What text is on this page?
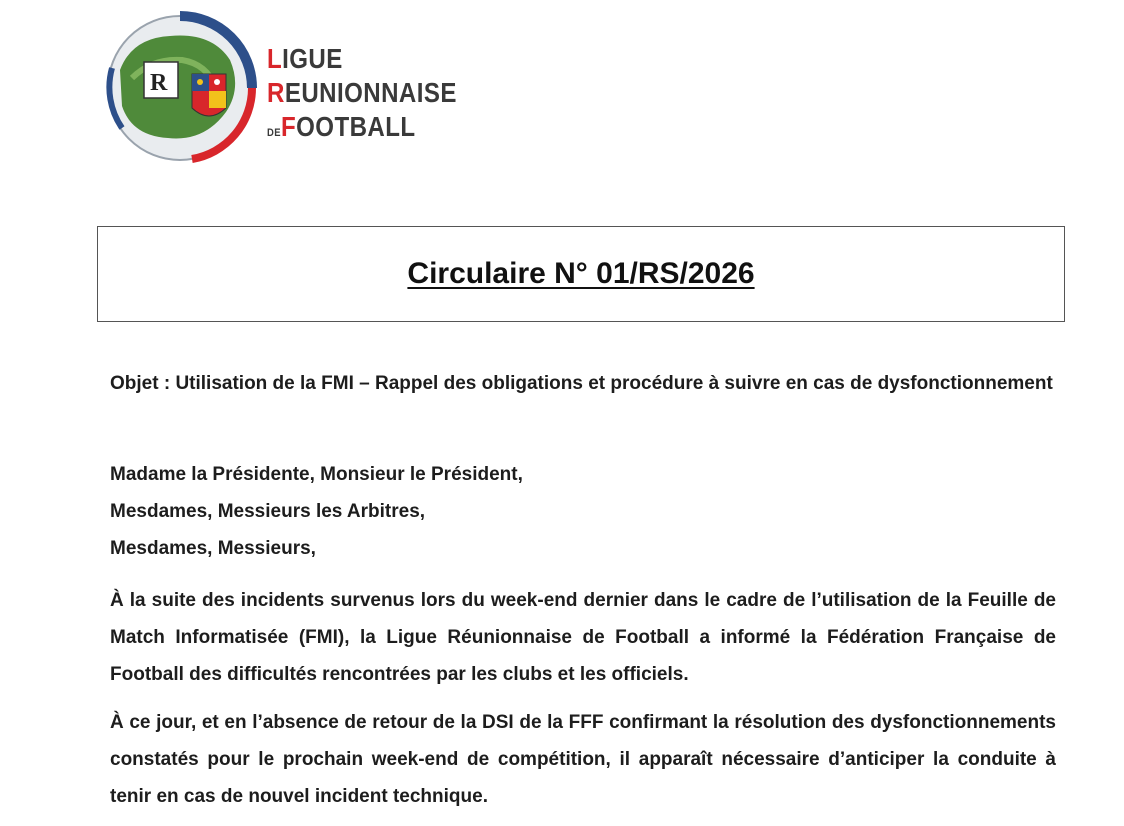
R
LIGUE
REUNIONNAISE
DEFOOTBALL
Circulaire N° 01/RS/2026
Objet : Utilisation de la FMI – Rappel des obligations et procédure à suivre en cas de dysfonctionnement
Madame la Présidente, Monsieur le Président,
Mesdames, Messieurs les Arbitres,
Mesdames, Messieurs,
À la suite des incidents survenus lors du week-end dernier dans le cadre de l’utilisation de la Feuille de Match Informatisée (FMI), la Ligue Réunionnaise de Football a informé la Fédération Française de Football des difficultés rencontrées par les clubs et les officiels.
À ce jour, et en l’absence de retour de la DSI de la FFF confirmant la résolution des dysfonctionnements constatés pour le prochain week-end de compétition, il apparaît nécessaire d’anticiper la conduite à tenir en cas de nouvel incident technique.
